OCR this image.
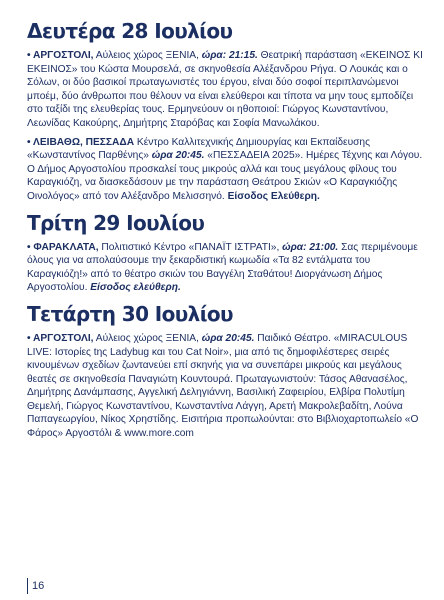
Δευτέρα 28 Ιουλίου

• ΑΡΓΟΣΤΟΛΙ, Αύλειος χώρος ΞΕΝΙΑ, ώρα: 21:15. Θεατρική παράσταση «ΕΚΕΙΝΟΣ ΚΙ ΕΚΕΙΝΟΣ» του Κώστα Μουρσελά, σε σκηνοθεσία Αλέξανδρου Ρήγα. Ο Λουκάς και ο Σόλων, οι δύο βασικοί πρωταγωνιστές του έργου, είναι δύο σοφοί περιπλανώμενοι μποέμ, δύο άνθρωποι που θέλουν να είναι ελεύθεροι και τίποτα να μην τους εμποδίζει στο ταξίδι της ελευθερίας τους. Ερμηνεύουν οι ηθοποιοί: Γιώργος Κωνσταντίνου, Λεωνίδας Κακούρης, Δημήτρης Σταρόβας και Σοφία Μανωλάκου.

• ΛΕΙΒΑΘΩ, ΠΕΣΣΑΔΑ Κέντρο Καλλιτεχνικής Δημιουργίας και Εκπαίδευσης «Κωνσταντίνος Παρθένης» ώρα 20:45. «ΠΕΣΣΑΔΕΙΑ 2025». Ημέρες Τέχνης και Λόγου. Ο Δήμος Αργοστολίου προσκαλεί τους μικρούς αλλά και τους μεγάλους φίλους του Καραγκιόζη, να διασκεδάσουν με την παράσταση Θεάτρου Σκιών «Ο Καραγκιόζης Οινολόγος» από τον Αλέξανδρο Μελισσηνό. Είσοδος Ελεύθερη.

Τρίτη 29 Ιουλίου

• ΦΑΡΑΚΛΑΤΑ, Πολιτιστικό Κέντρο «ΠΑΝΑΪΤ ΙΣΤΡΑΤΙ», ώρα: 21:00. Σας περιμένουμε όλους για να απολαύσουμε την ξεκαρδιστική κωμωδία «Τα 82 εντάλματα του Καραγκιόζη!» από το θέατρο σκιών του Βαγγέλη Σταθάτου! Διοργάνωση Δήμος Αργοστολίου. Είσοδος ελεύθερη.

Τετάρτη 30 Ιουλίου

• ΑΡΓΟΣΤΟΛΙ, Αύλειος χώρος ΞΕΝΙΑ, ώρα 20:45. Παιδικό Θέατρο. «MIRACULOUS LIVE: Ιστορίες tης Ladybug και του Cat Noir», μια από τις δημοφιλέστερες σειρές κινουμένων σχεδίων ζωντανεύει επί σκηνής για να συνεπάρει μικρούς και μεγάλους θεατές σε σκηνοθεσία Παναγιώτη Κουντουρά. Πρωταγωνιστούν: Τάσος Αθανασέλος, Δημήτρης Δανάμπασης, Αγγελική Δεληγιάννη, Βασιλική Ζαφειρίου, Ελβίρα Πολυτίμη Θεμελή, Γιώργος Κωνσταντίνου, Κωνσταντίνα Λάγγη, Αρετή Μακρολεβαδίτη, Λούνα Παπαγεωργίου, Νίκος Χρηστίδης. Εισιτήρια προπωλούνται: στο Βιβλιοχαρτοπωλείο «Ο Φάρος» Αργοστόλι & www.more.com

16
